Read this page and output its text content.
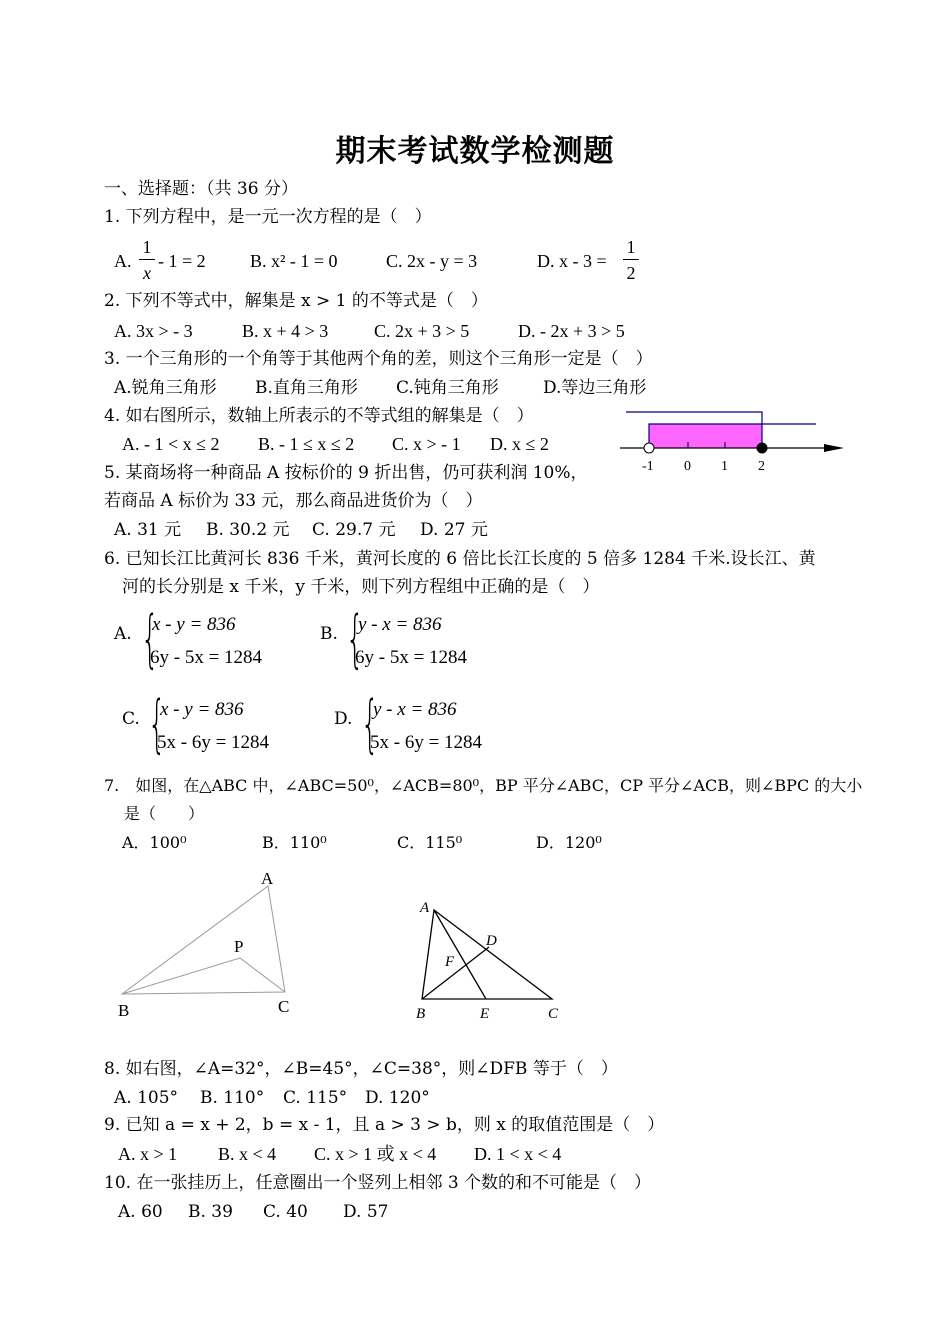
期末考试数学检测题
一、选择题：（共 36 分）
1. 下列方程中，是一元一次方程的是（　）
A.
1
x
- 1 = 2 B. x² - 1 = 0	C. 2x - y = 3	D. x - 3 =
1
2
2. 下列不等式中，解集是 x > 1 的不等式是（　）
A. 3x > - 3	B. x + 4 > 3	C. 2x + 3 > 5	D. - 2x + 3 > 5
3. 一个三角形的一个角等于其他两个角的差，则这个三角形一定是（　）
A.锐角三角形 B.直角三角形 C.钝角三角形	D.等边三角形
4. 如右图所示，数轴上所表示的不等式组的解集是（　）
A. - 1 < x ≤ 2 B. - 1 ≤ x ≤ 2 C. x > - 1 D. x ≤ 2
-1 0 1 2
5. 某商场将一种商品 A 按标价的 9 折出售，仍可获利润 10%，
若商品 A 标价为 33 元，那么商品进货价为（　）
A. 31 元 B. 30.2 元 C. 29.7 元 D. 27 元
6. 已知长江比黄河长 836 千米，黄河长度的 6 倍比长江长度的 5 倍多 1284 千米.设长江、黄
河的长分别是 x 千米，y 千米，则下列方程组中正确的是（　）
A. {
x - y = 836
6y - 5x = 1284
B. {
y - x = 836
6y - 5x = 1284
C. {
x - y = 836
5x - 6y = 1284
D. {
y - x = 836
5x - 6y = 1284
7.　如图，在△ABC 中，∠ABC=50⁰，∠ACB=80⁰，BP 平分∠ABC，CP 平分∠ACB，则∠BPC 的大小
是（　　）
A．100⁰	B．110⁰	C．115⁰	D．120⁰
A
P
B	C
A
D
F
B	E	C
8. 如右图，∠A=32°，∠B=45°，∠C=38°，则∠DFB 等于（　）
A. 105° B. 110° C. 115° D. 120°
9. 已知 a = x + 2，b = x - 1，且 a > 3 > b，则 x 的取值范围是（　）
A. x > 1 B. x < 4 C. x > 1 或 x < 4 D. 1 < x < 4
10. 在一张挂历上，任意圈出一个竖列上相邻 3 个数的和不可能是（　）
A. 60 B. 39 C. 40 D. 57
